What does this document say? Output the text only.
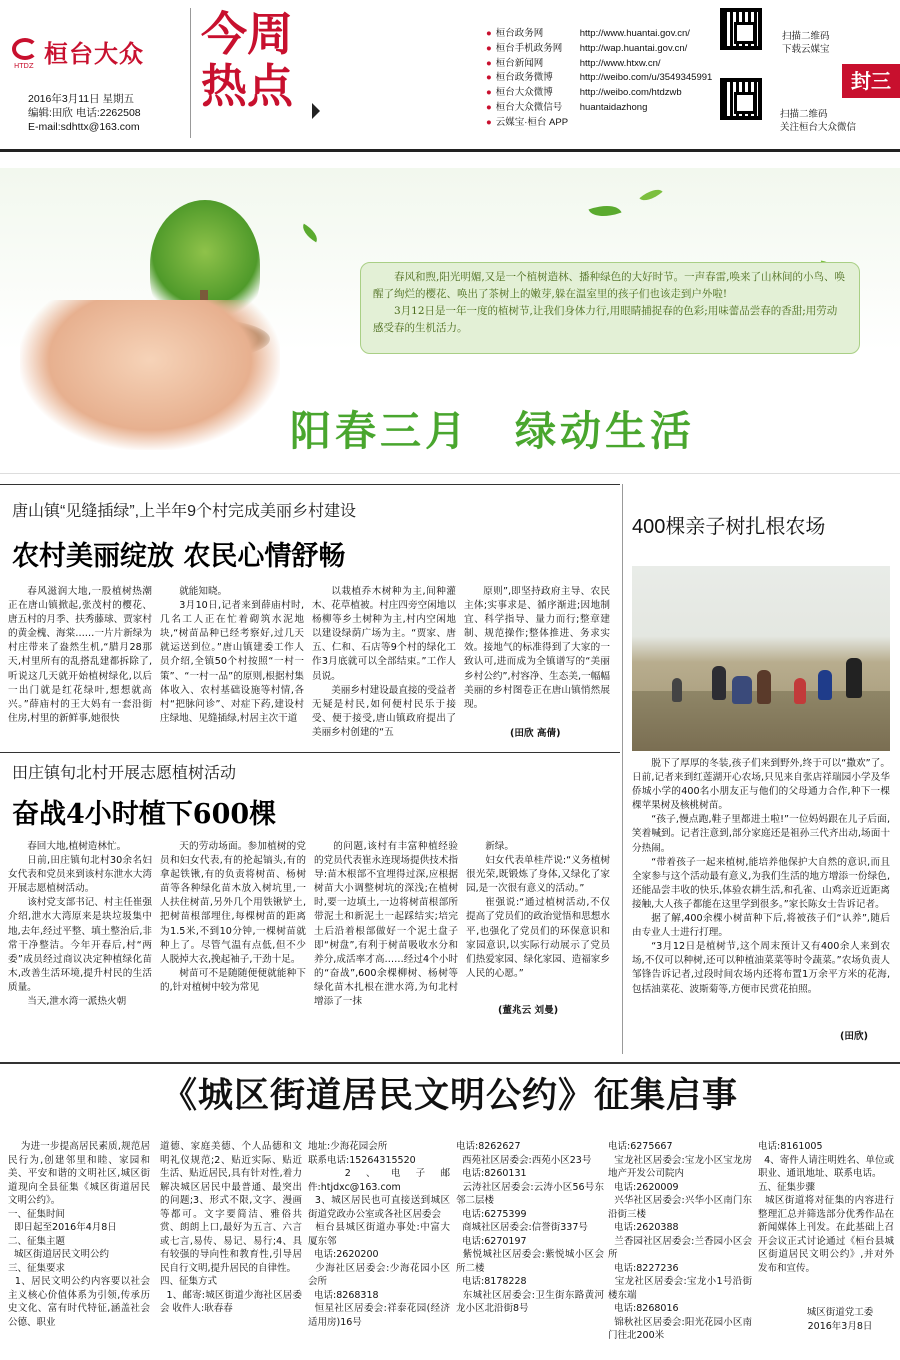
桓台大众
HTDZ
2016年3月11日 星期五
编辑:田欣 电话:2262508
E-mail:sdhttx@163.com
今周
热点
● 桓台政务网	http://www.huantai.gov.cn/
● 桓台手机政务网	http://wap.huantai.gov.cn/
● 桓台新闻网	http://www.htxw.cn/
● 桓台政务微博	http://weibo.com/u/3549345991
● 桓台大众微博	http://weibo.com/htdzwb
● 桓台大众微信号	huantaidazhong
● 云媒宝·桓台 APP
扫描二维码
下载云媒宝
扫描二维码
关注桓台大众微信
封三

春风和煦,阳光明媚,又是一个植树造林、播种绿色的大好时节。一声春雷,唤来了山林间的小鸟、唤醒了绚烂的樱花、唤出了茶树上的嫩芽,躲在温室里的孩子们也该走到户外啦!

3月12日是一年一度的植树节,让我们身体力行,用眼睛捕捉春的色彩;用味蕾品尝春的香甜;用劳动感受春的生机活力。

阳春三月　绿动生活
唐山镇“见缝插绿”,上半年9个村完成美丽乡村建设
农村美丽绽放 农民心情舒畅

春风滋润大地,一股植树热潮正在唐山镇掀起,张茂村的樱花、唐五村的月季、扶秀藤球、贾家村的黄金槐、海棠……一片片新绿为村庄带来了盎然生机,“腊月28那天,村里所有的乱搭乱建都拆除了,听说这几天就开始植树绿化,以后一出门就是红花绿叶,想想就高兴。”薛庙村的王大妈有一套沿街住房,村里的新鲜事,她很快

就能知晓。

3月10日,记者来到薛庙村时,几名工人正在忙着砌筑水泥地块,“树苗品种已经考察好,过几天就运送到位。”唐山镇建委工作人员介绍,全镇50个村按照“一村一策”、“一村一品”的原则,根据村集体收入、农村基础设施等村情,各村“把脉问诊”、对症下药,建设村庄绿地、见缝插绿,村居主次干道

以栽植乔木树种为主,间种灌木、花草植被。村庄四旁空闲地以杨柳等乡土树种为主,村内空闲地以建设绿荫广场为主。“贾家、唐五、仁和、石店等9个村的绿化工作3月底就可以全部结束。”工作人员说。

美丽乡村建设最直接的受益者无疑是村民,如何便村民乐于接受、便于接受,唐山镇政府提出了美丽乡村创建的“五

原则”,即坚持政府主导、农民主体;实事求是、循序渐进;因地制宜、科学指导、量力而行;整章建制、规范操作;整体推进、务求实效。接地气的标准得到了大家的一致认可,进而成为全镇谱写的“美丽乡村公约”,村容净、生态美,一幅幅美丽的乡村图卷正在唐山镇悄然展现。

(田欣 高倩)
田庄镇旬北村开展志愿植树活动
奋战4小时植下600棵

春回大地,植树造林忙。

日前,田庄镇旬北村30余名妇女代表和党员来到该村东泄水大湾开展志愿植树活动。

该村党支部书记、村主任崔强介绍,泄水大湾原来是块垃圾集中地,去年,经过平整、填土整治后,非常干净整洁。今年开春后,村“两委”成员经过商议决定种植绿化苗木,改善生活环境,提升村民的生活质量。

当天,泄水湾一派热火朝

天的劳动场面。参加植树的党员和妇女代表,有的抡起镐头,有的拿起铁锹,有的负责将树苗、杨树苗等各种绿化苗木放入树坑里,一人扶住树苗,另外几个用铁锹铲土,把树苗根部埋住,每棵树苗的距离为1.5米,不到10分钟,一棵树苗就种上了。尽管气温有点低,但不少人脱掉大衣,挽起袖子,干劲十足。

树苗可不是随随便便就能种下的,针对植树中较为常见

的问题,该村有丰富种植经验的党员代表崔永连现场提供技术指导:苗木根部不宜埋得过深,应根据树苗大小调整树坑的深浅;在植树时,要一边填土,一边将树苗根部所带泥土和新泥土一起踩结实;培完土后沿着根部做好一个泥土盘子即“树盘”,有利于树苗吸收水分和养分,成活率才高……经过4个小时的“奋战”,600余棵柳树、杨树等绿化苗木扎根在泄水湾,为旬北村增添了一抹

新绿。

妇女代表单桂芹说:“义务植树很光荣,既锻炼了身体,又绿化了家园,是一次很有意义的活动。”

崔强说:“通过植树活动,不仅提高了党员们的政治觉悟和思想水平,也强化了党员们的环保意识和家园意识,以实际行动展示了党员们热爱家园、绿化家园、造福家乡人民的心愿。”

(董兆云 刘曼)
400棵亲子树扎根农场

脱下了厚厚的冬装,孩子们来到野外,终于可以“撒欢”了。日前,记者来到红莲湖开心农场,只见来自张店祥瑞园小学及华侨城小学的400名小朋友正与他们的父母通力合作,种下一棵棵苹果树及核桃树苗。

“孩子,慢点跑,鞋子里都进土啦!”一位妈妈跟在儿子后面,笑着喊到。记者注意到,部分家庭还是祖孙三代齐出动,场面十分热闹。

“带着孩子一起来植树,能培养他保护大自然的意识,而且全家参与这个活动最有意义,为我们生活的地方增添一份绿色,还能品尝丰收的快乐,体验农耕生活,和孔雀、山鸡亲近近距离接触,大人孩子都能在这里学到很多。”家长陈女士告诉记者。

据了解,400余棵小树苗种下后,将被孩子们“认养”,随后由专业人士进行打理。

“3月12日是植树节,这个周末预计又有400余人来到农场,不仅可以种树,还可以种植油菜菜等时令蔬菜。”农场负责人邹锋告诉记者,过段时间农场内还将布置1万余平方米的花海,包括油菜花、波斯菊等,方便市民赏花拍照。

(田欣)
《城区街道居民文明公约》征集启事
为进一步提高居民素质,规范居民行为,创建邻里和睦、家园和美、平安和谐的文明社区,城区街道现向全县征集《城区街道居民文明公约》。
一、征集时间
即日起至2016年4月8日
二、征集主题
城区街道居民文明公约
三、征集要求
1、居民文明公约内容要以社会主义核心价值体系为引领,传承历史文化、富有时代特征,涵盖社会公德、职业
道德、家庭美德、个人品德和文明礼仪规范;2、贴近实际、贴近生活、贴近居民,具有针对性,着力解决城区居民中最普通、最突出的问题;3、形式不限,文字、漫画等都可。文字要简洁、雅俗共赏、朗朗上口,最好为五言、六言或七言,易传、易记、易行;4、具有较强的导向性和教育性,引导居民自行文明,提升居民的自律性。
四、征集方式
1、邮寄:城区街道少海社区居委会 收件人:耿春春
地址:少海花园会所
联系电话:15264315520
2、电子邮件:htjdxc@163.com
3、城区居民也可直接送到城区街道党政办公室或各社区居委会
桓台县城区街道办事处:中富大厦东邻
电话:2620200
少海社区居委会:少海花园小区会所
电话:8268318
恒星社区居委会:祥泰花园(经济适用房)16号
电话:8262627
西苑社区居委会:西苑小区23号
电话:8260131
云涛社区居委会:云涛小区56号东邻二层楼
电话:6275399
商城社区居委会:信誉街337号
电话:6270197
紫悦城社区居委会:紫悦城小区会所二楼
电话:8178228
东城社区居委会:卫生街东路黄河龙小区北沿街8号
电话:6275667
宝龙社区居委会:宝龙小区宝龙房地产开发公司院内
电话:2620009
兴华社区居委会:兴华小区南门东沿街三楼
电话:2620388
兰香园社区居委会:兰香园小区会所
电话:8227236
宝龙社区居委会:宝龙小1号沿街楼东端
电话:8268016
锦秋社区居委会:阳光花园小区南门往北200米
电话:8161005
4、寄件人请注明姓名、单位或职业、通讯地址、联系电话。
五、征集步骤
城区街道将对征集的内容进行整理汇总并筛选部分优秀作品在新闻媒体上刊发。在此基础上召开会议正式讨论通过《桓台县城区街道居民文明公约》,并对外发布和宣传。
城区街道党工委
2016年3月8日
